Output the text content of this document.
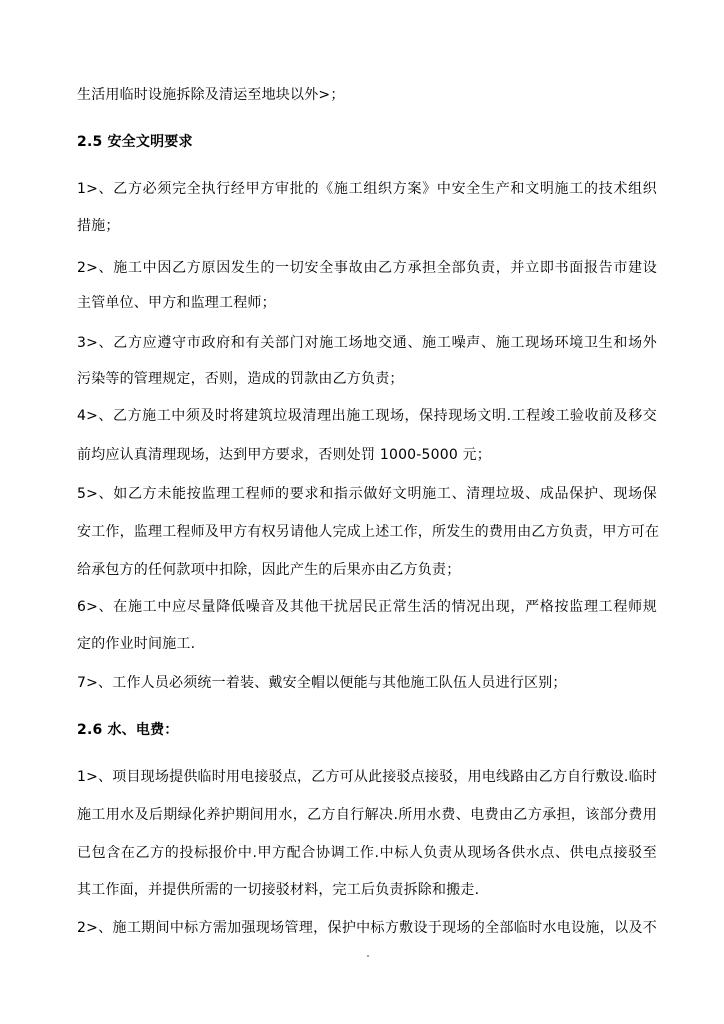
生活用临时设施拆除及清运至地块以外>；
2.5 安全文明要求
1>、乙方必须完全执行经甲方审批的《施工组织方案》中安全生产和文明施工的技术组织
措施；
2>、施工中因乙方原因发生的一切安全事故由乙方承担全部负责，并立即书面报告市建设
主管单位、甲方和监理工程师；
3>、乙方应遵守市政府和有关部门对施工场地交通、施工噪声、施工现场环境卫生和场外
污染等的管理规定，否则，造成的罚款由乙方负责；
4>、乙方施工中须及时将建筑垃圾清理出施工现场，保持现场文明.工程竣工验收前及移交
前均应认真清理现场，达到甲方要求，否则处罚 1000-5000 元；
5>、如乙方未能按监理工程师的要求和指示做好文明施工、清理垃圾、成品保护、现场保
安工作，监理工程师及甲方有权另请他人完成上述工作，所发生的费用由乙方负责，甲方可在
给承包方的任何款项中扣除，因此产生的后果亦由乙方负责；
6>、在施工中应尽量降低噪音及其他干扰居民正常生活的情况出现，严格按监理工程师规
定的作业时间施工.
7>、工作人员必须统一着装、戴安全帽以便能与其他施工队伍人员进行区别；
2.6 水、电费：
1>、项目现场提供临时用电接驳点，乙方可从此接驳点接驳，用电线路由乙方自行敷设.临时
施工用水及后期绿化养护期间用水，乙方自行解决.所用水费、电费由乙方承担，该部分费用
已包含在乙方的投标报价中.甲方配合协调工作.中标人负责从现场各供水点、供电点接驳至
其工作面，并提供所需的一切接驳材料，完工后负责拆除和搬走.
2>、施工期间中标方需加强现场管理，保护中标方敷设于现场的全部临时水电设施，以及不
